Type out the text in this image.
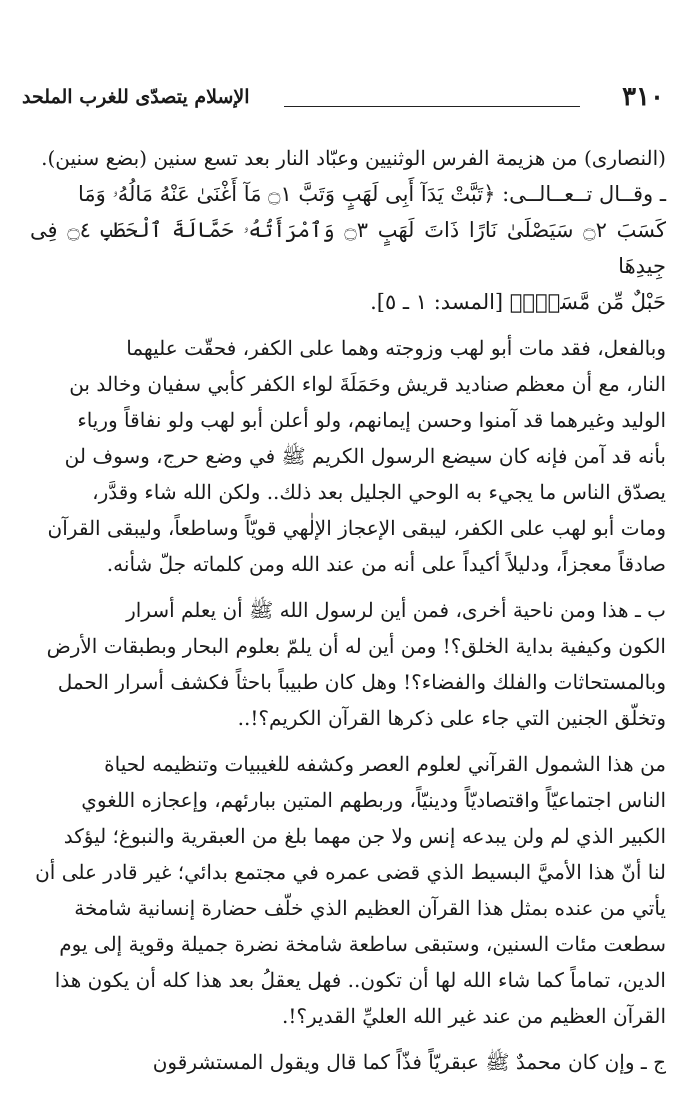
٣١٠
الإسلام يتصدّى للغرب الملحد
(النصارى) من هزيمة الفرس الوثنيين وعبّاد النار بعد تسع سنين (بضع سنين).
ـ وقــال تــعــالــى: ﴿تَبَّتْ يَدَآ أَبِى لَهَبٍ وَتَبَّ ۝١ مَآ أَغْنَىٰ عَنْهُ مَالُهُۥ وَمَا
كَسَبَ ۝٢ سَيَصْلَىٰ نَارًا ذَاتَ لَهَبٍ ۝٣ وَٱمْرَأَتُهُۥ حَمَّالَةَ ٱلْحَطَبِ ۝٤ فِى جِيدِهَا
حَبْلٌ مِّن مَّسَدٍۭ﴾ [المسد: ١ ـ ٥].
وبالفعل، فقد مات أبو لهب وزوجته وهما على الكفر، فحقّت عليهما
النار، مع أن معظم صناديد قريش وحَمَلَةَ لواء الكفر كأبي سفيان وخالد بن
الوليد وغيرهما قد آمنوا وحسن إيمانهم، ولو أعلن أبو لهب ولو نفاقاً ورياء
بأنه قد آمن فإنه كان سيضع الرسول الكريم ﷺ في وضع حرج، وسوف لن
يصدّق الناس ما يجيء به الوحي الجليل بعد ذلك.. ولكن الله شاء وقدَّر،
ومات أبو لهب على الكفر، ليبقى الإعجاز الإلٰهي قويّاً وساطعاً، وليبقى القرآن
صادقاً معجزاً، ودليلاً أكيداً على أنه من عند الله ومن كلماته جلّ شأنه.
ب ـ هذا ومن ناحية أخرى، فمن أين لرسول الله ﷺ أن يعلم أسرار
الكون وكيفية بداية الخلق؟! ومن أين له أن يلمّ بعلوم البحار وبطبقات الأرض
وبالمستحاثات والفلك والفضاء؟! وهل كان طبيباً باحثاً فكشف أسرار الحمل
وتخلّق الجنين التي جاء على ذكرها القرآن الكريم؟!..
من هذا الشمول القرآني لعلوم العصر وكشفه للغيبيات وتنظيمه لحياة
الناس اجتماعيّاً واقتصاديّاً ودينيّاً، وربطهم المتين ببارئهم، وإعجازه اللغوي
الكبير الذي لم ولن يبدعه إنس ولا جن مهما بلغ من العبقرية والنبوغ؛ ليؤكد
لنا أنّ هذا الأميَّ البسيط الذي قضى عمره في مجتمع بدائي؛ غير قادر على أن
يأتي من عنده بمثل هذا القرآن العظيم الذي خلّف حضارة إنسانية شامخة
سطعت مئات السنين، وستبقى ساطعة شامخة نضرة جميلة وقوية إلى يوم
الدين، تماماً كما شاء الله لها أن تكون.. فهل يعقلُ بعد هذا كله أن يكون هذا
القرآن العظيم من عند غير الله العليِّ القدير؟!.
ج ـ وإن كان محمدٌ ﷺ عبقريّاً فذّاً كما قال ويقول المستشرقون
